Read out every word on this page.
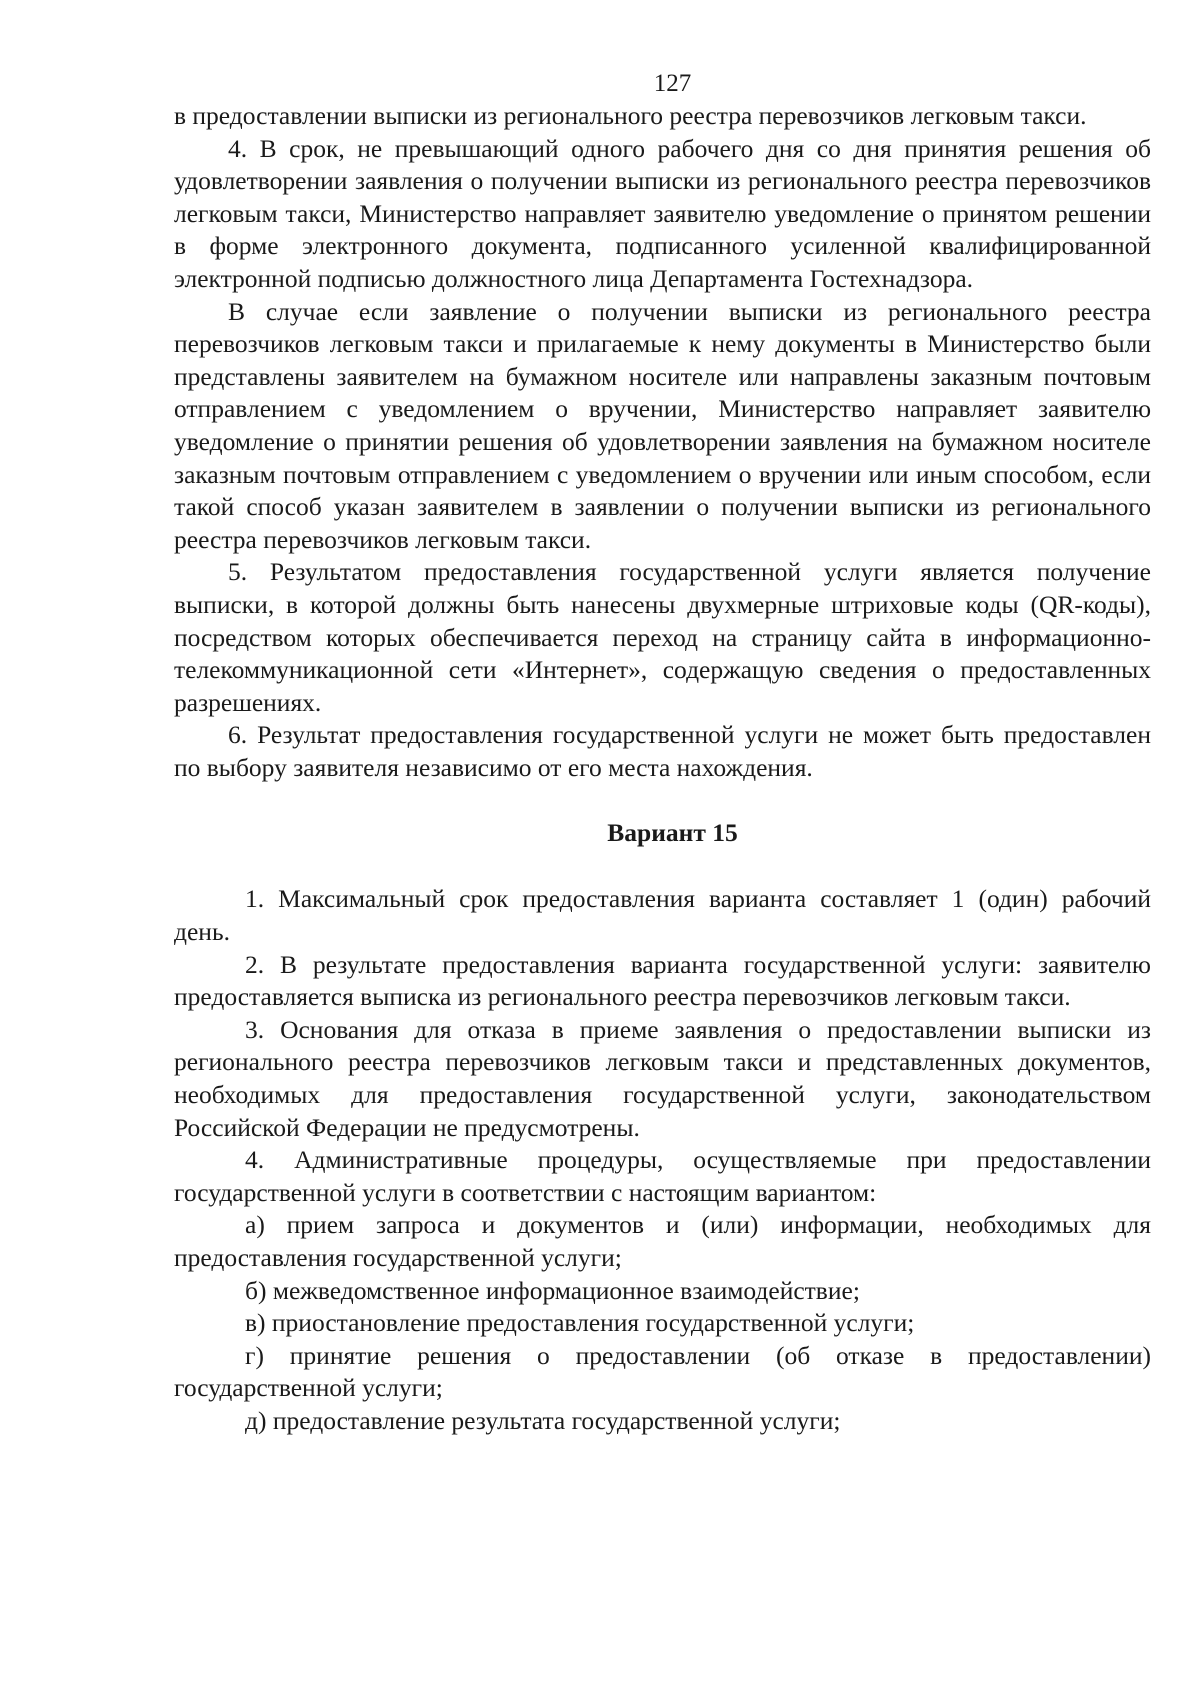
127

в предоставлении выписки из регионального реестра перевозчиков легковым такси.

4. В срок, не превышающий одного рабочего дня со дня принятия решения об удовлетворении заявления о получении выписки из регионального реестра перевозчиков легковым такси, Министерство направляет заявителю уведомление о принятом решении в форме электронного документа, подписанного усиленной квалифицированной электронной подписью должностного лица Департамента Гостехнадзора.

В случае если заявление о получении выписки из регионального реестра перевозчиков легковым такси и прилагаемые к нему документы в Министерство были представлены заявителем на бумажном носителе или направлены заказным почтовым отправлением с уведомлением о вручении, Министерство направляет заявителю уведомление о принятии решения об удовлетворении заявления на бумажном носителе заказным почтовым отправлением с уведомлением о вручении или иным способом, если такой способ указан заявителем в заявлении о получении выписки из регионального реестра перевозчиков легковым такси.

5. Результатом предоставления государственной услуги является получение выписки, в которой должны быть нанесены двухмерные штриховые коды (QR-коды), посредством которых обеспечивается переход на страницу сайта в информационно-телекоммуникационной сети «Интернет», содержащую сведения о предоставленных разрешениях.

6. Результат предоставления государственной услуги не может быть предоставлен по выбору заявителя независимо от его места нахождения.

Вариант 15

1. Максимальный срок предоставления варианта составляет 1 (один) рабочий день.

2. В результате предоставления варианта государственной услуги: заявителю предоставляется выписка из регионального реестра перевозчиков легковым такси.

3. Основания для отказа в приеме заявления о предоставлении выписки из регионального реестра перевозчиков легковым такси и представленных документов, необходимых для предоставления государственной услуги, законодательством Российской Федерации не предусмотрены.

4. Административные процедуры, осуществляемые при предоставлении государственной услуги в соответствии с настоящим вариантом:

а) прием запроса и документов и (или) информации, необходимых для предоставления государственной услуги;

б) межведомственное информационное взаимодействие;

в) приостановление предоставления государственной услуги;

г) принятие решения о предоставлении (об отказе в предоставлении) государственной услуги;

д) предоставление результата государственной услуги;
